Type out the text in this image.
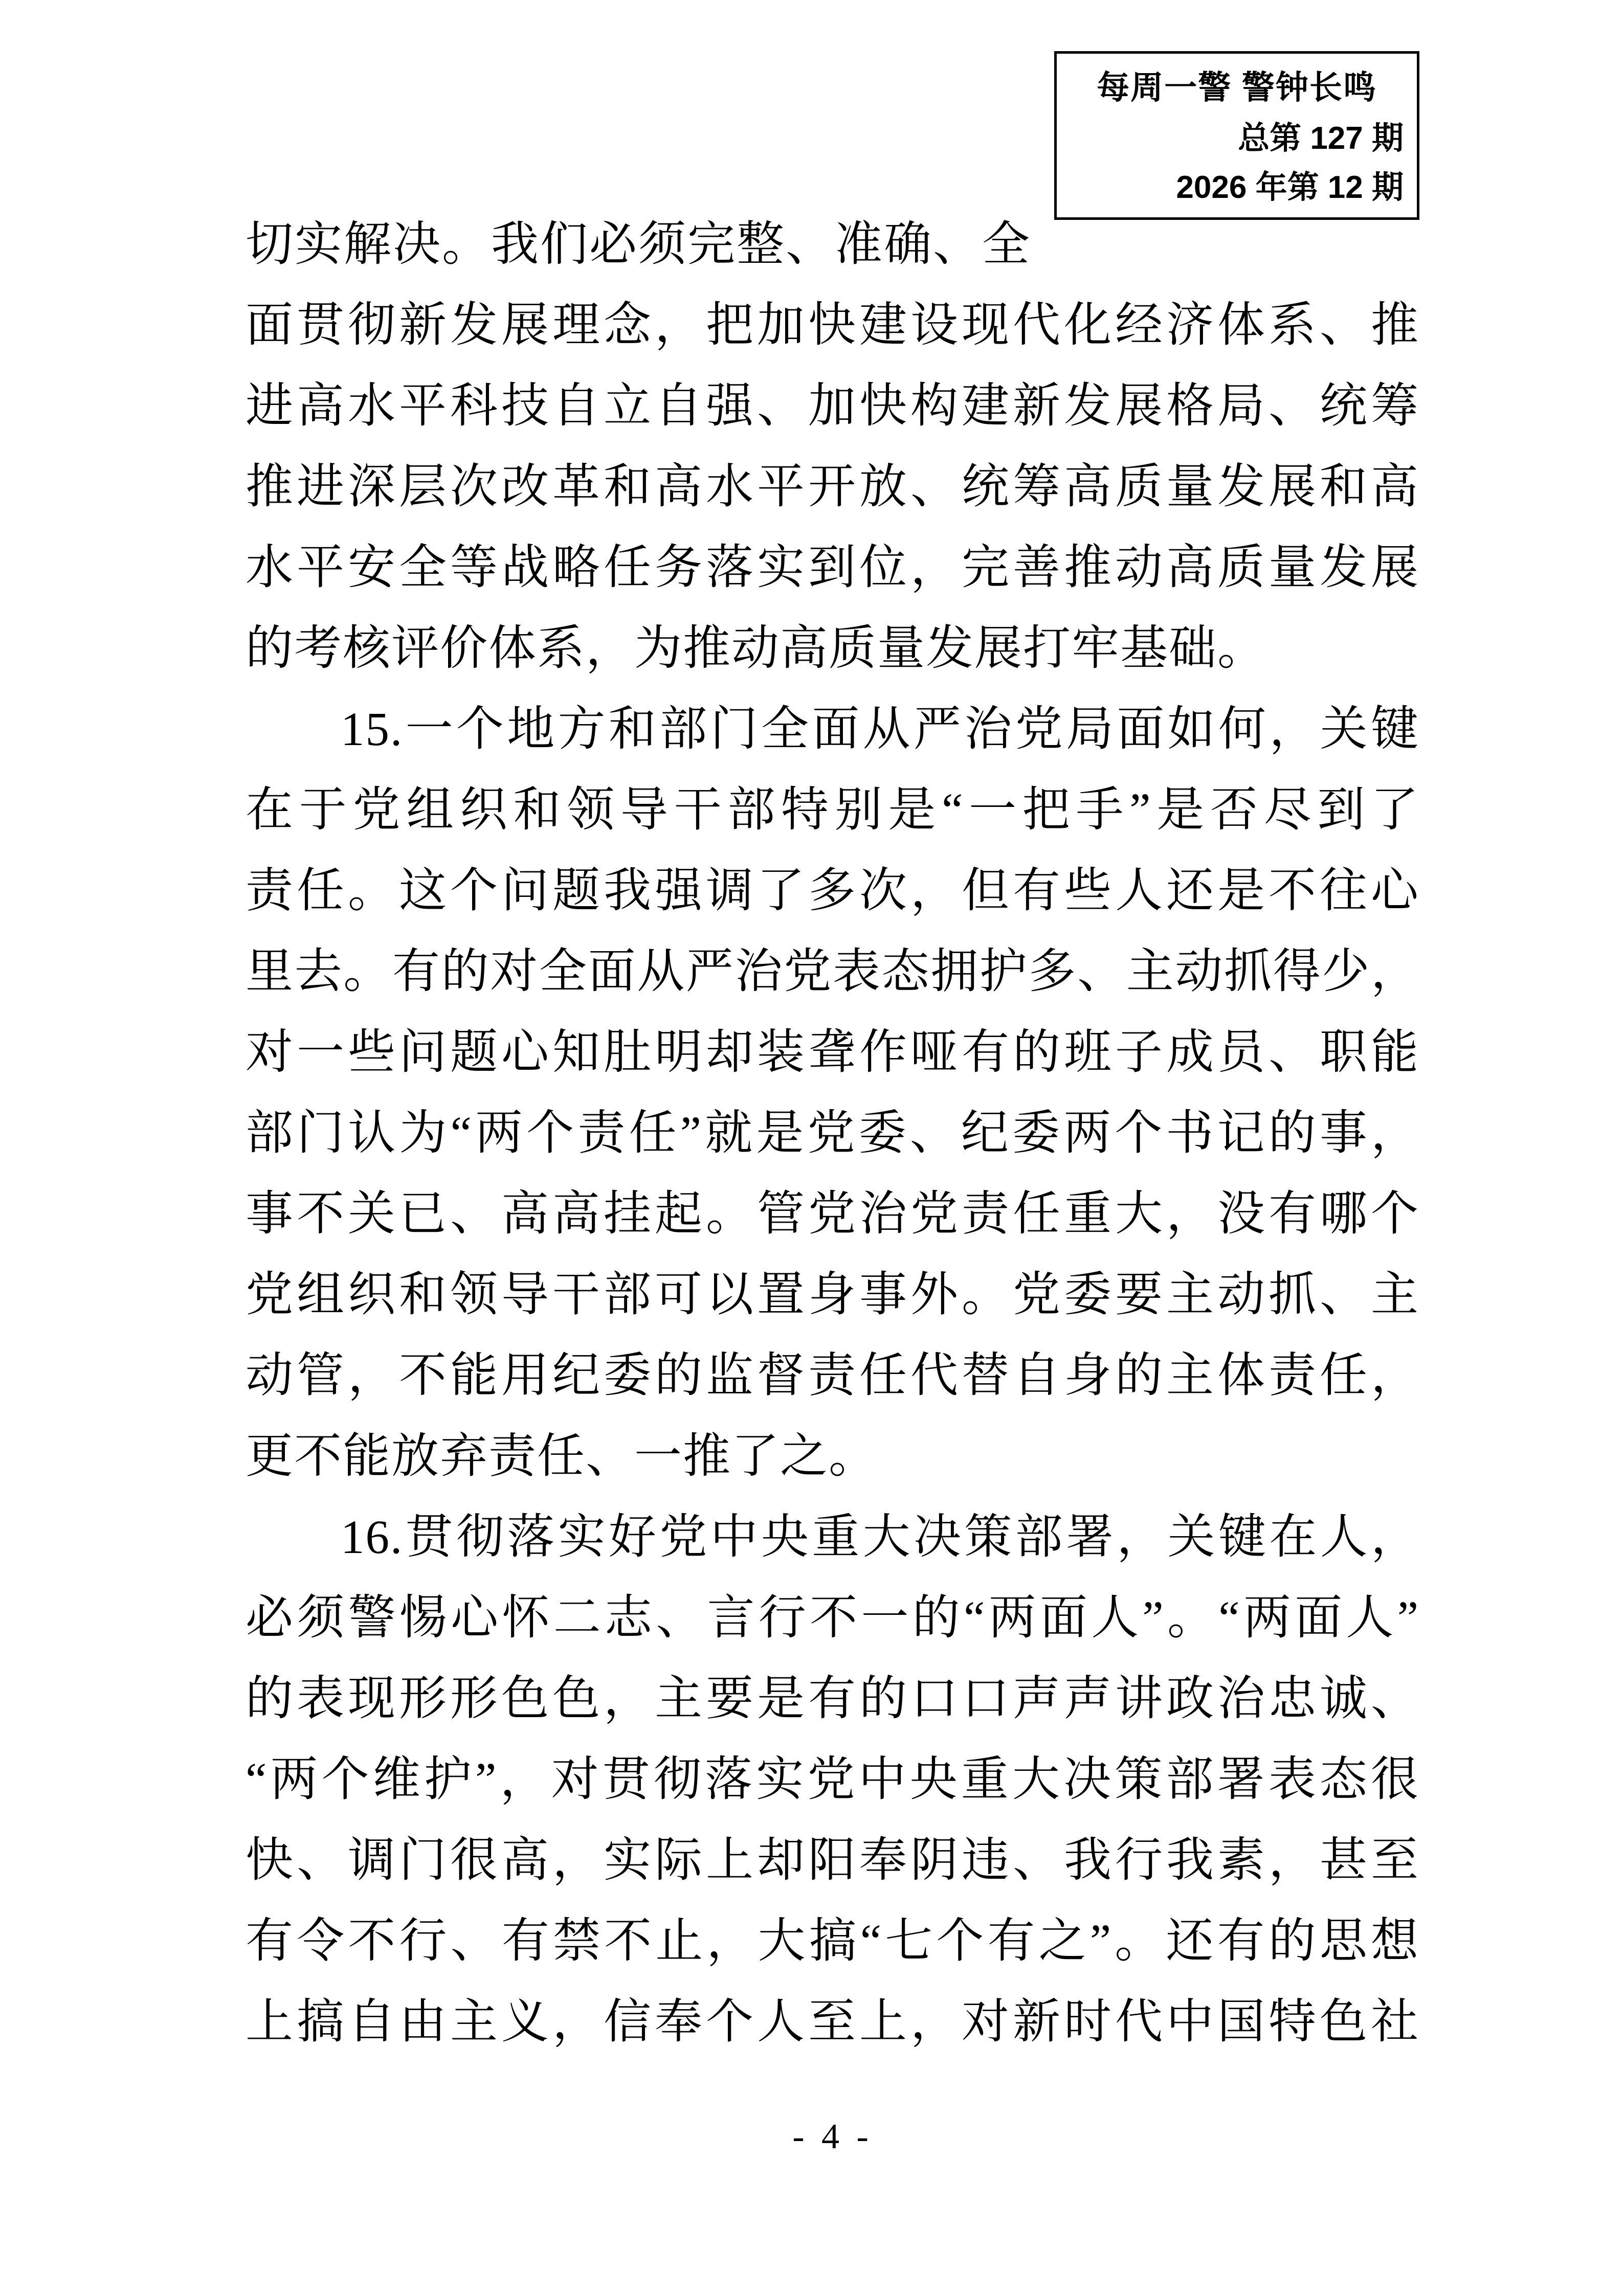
每周一警 警钟长鸣
总第 127 期
2026 年第 12 期
切实解决。我们必须完整、准确、全
面贯彻新发展理念，把加快建设现代化经济体系、推
进高水平科技自立自强、加快构建新发展格局、统筹
推进深层次改革和高水平开放、统筹高质量发展和高
水平安全等战略任务落实到位，完善推动高质量发展
的考核评价体系，为推动高质量发展打牢基础。
15.一个地方和部门全面从严治党局面如何，关键
在于党组织和领导干部特别是“一把手”是否尽到了
责任。这个问题我强调了多次，但有些人还是不往心
里去。有的对全面从严治党表态拥护多、主动抓得少，
对一些问题心知肚明却装聋作哑有的班子成员、职能
部门认为“两个责任”就是党委、纪委两个书记的事，
事不关已、高高挂起。管党治党责任重大，没有哪个
党组织和领导干部可以置身事外。党委要主动抓、主
动管，不能用纪委的监督责任代替自身的主体责任，
更不能放弃责任、一推了之。
16.贯彻落实好党中央重大决策部署，关键在人，
必须警惕心怀二志、言行不一的“两面人”。“两面人”
的表现形形色色，主要是有的口口声声讲政治忠诚、
“两个维护”，对贯彻落实党中央重大决策部署表态很
快、调门很高，实际上却阳奉阴违、我行我素，甚至
有令不行、有禁不止，大搞“七个有之”。还有的思想
上搞自由主义，信奉个人至上，对新时代中国特色社
- 4 -
